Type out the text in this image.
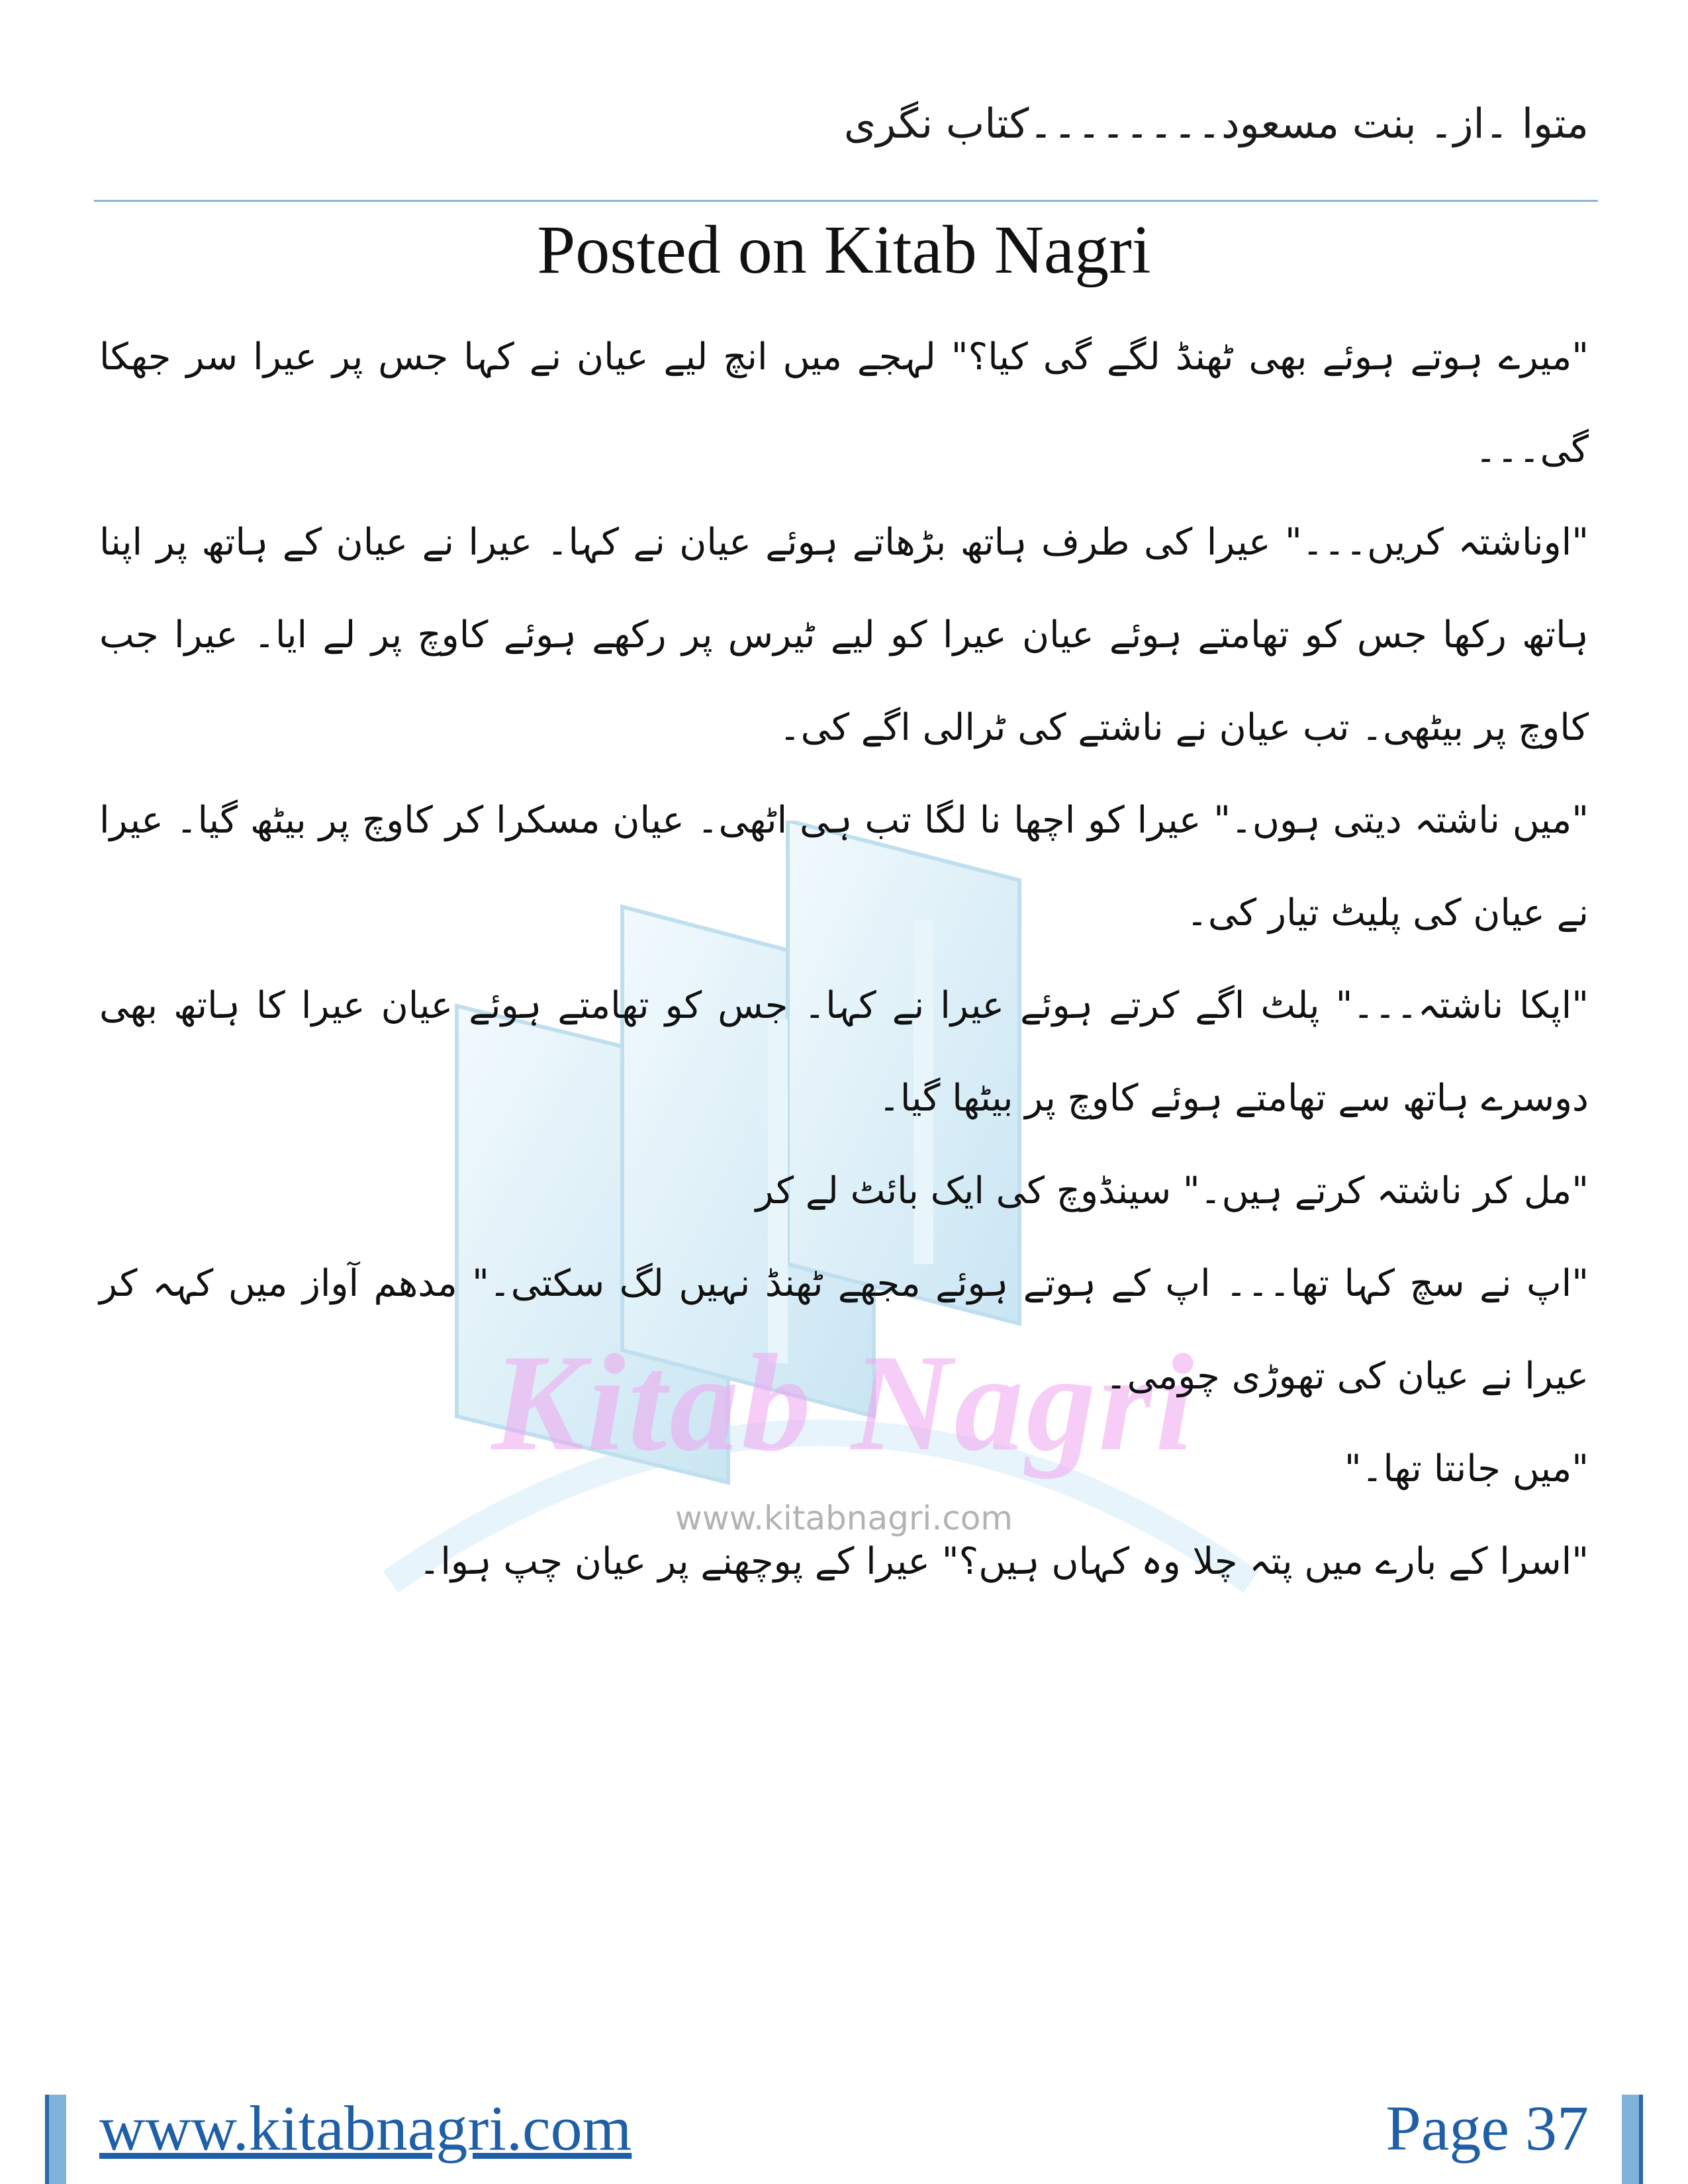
متوا ۔از۔ بنت مسعود۔۔۔۔۔۔۔۔کتاب نگری
Posted on Kitab Nagri
Kitab Nagri
www.kitabnagri.com

"میرے ہوتے ہوئے بھی ٹھنڈ لگے گی کیا؟" لہجے میں انچ لیے عیان نے کہا جس پر عیرا سر جھکا گی۔۔۔

"اوناشتہ کریں۔۔۔" عیرا کی طرف ہاتھ بڑھاتے ہوئے عیان نے کہا۔ عیرا نے عیان کے ہاتھ پر اپنا ہاتھ رکھا جس کو تھامتے ہوئے عیان عیرا کو لیے ٹیرس پر رکھے ہوئے کاوچ پر لے ایا۔ عیرا جب کاوچ پر بیٹھی۔ تب عیان نے ناشتے کی ٹرالی اگے کی۔

"میں ناشتہ دیتی ہوں۔" عیرا کو اچھا نا لگا تب ہی اٹھی۔ عیان مسکرا کر کاوچ پر بیٹھ گیا۔ عیرا نے عیان کی پلیٹ تیار کی۔

"اپکا ناشتہ۔۔۔" پلٹ اگے کرتے ہوئے عیرا نے کہا۔ جس کو تھامتے ہوئے عیان عیرا کا ہاتھ بھی دوسرے ہاتھ سے تھامتے ہوئے کاوچ پر بیٹھا گیا۔

"مل کر ناشتہ کرتے ہیں۔" سینڈوچ کی ایک بائٹ لے کر

"اپ نے سچ کہا تھا۔۔۔ اپ کے ہوتے ہوئے مجھے ٹھنڈ نہیں لگ سکتی۔" مدھم آواز میں کہہ کر عیرا نے عیان کی تھوڑی چومی۔

"میں جانتا تھا۔"

"اسرا کے بارے میں پتہ چلا وہ کہاں ہیں؟" عیرا کے پوچھنے پر عیان چپ ہوا۔

www.kitabnagri.com	Page 37
